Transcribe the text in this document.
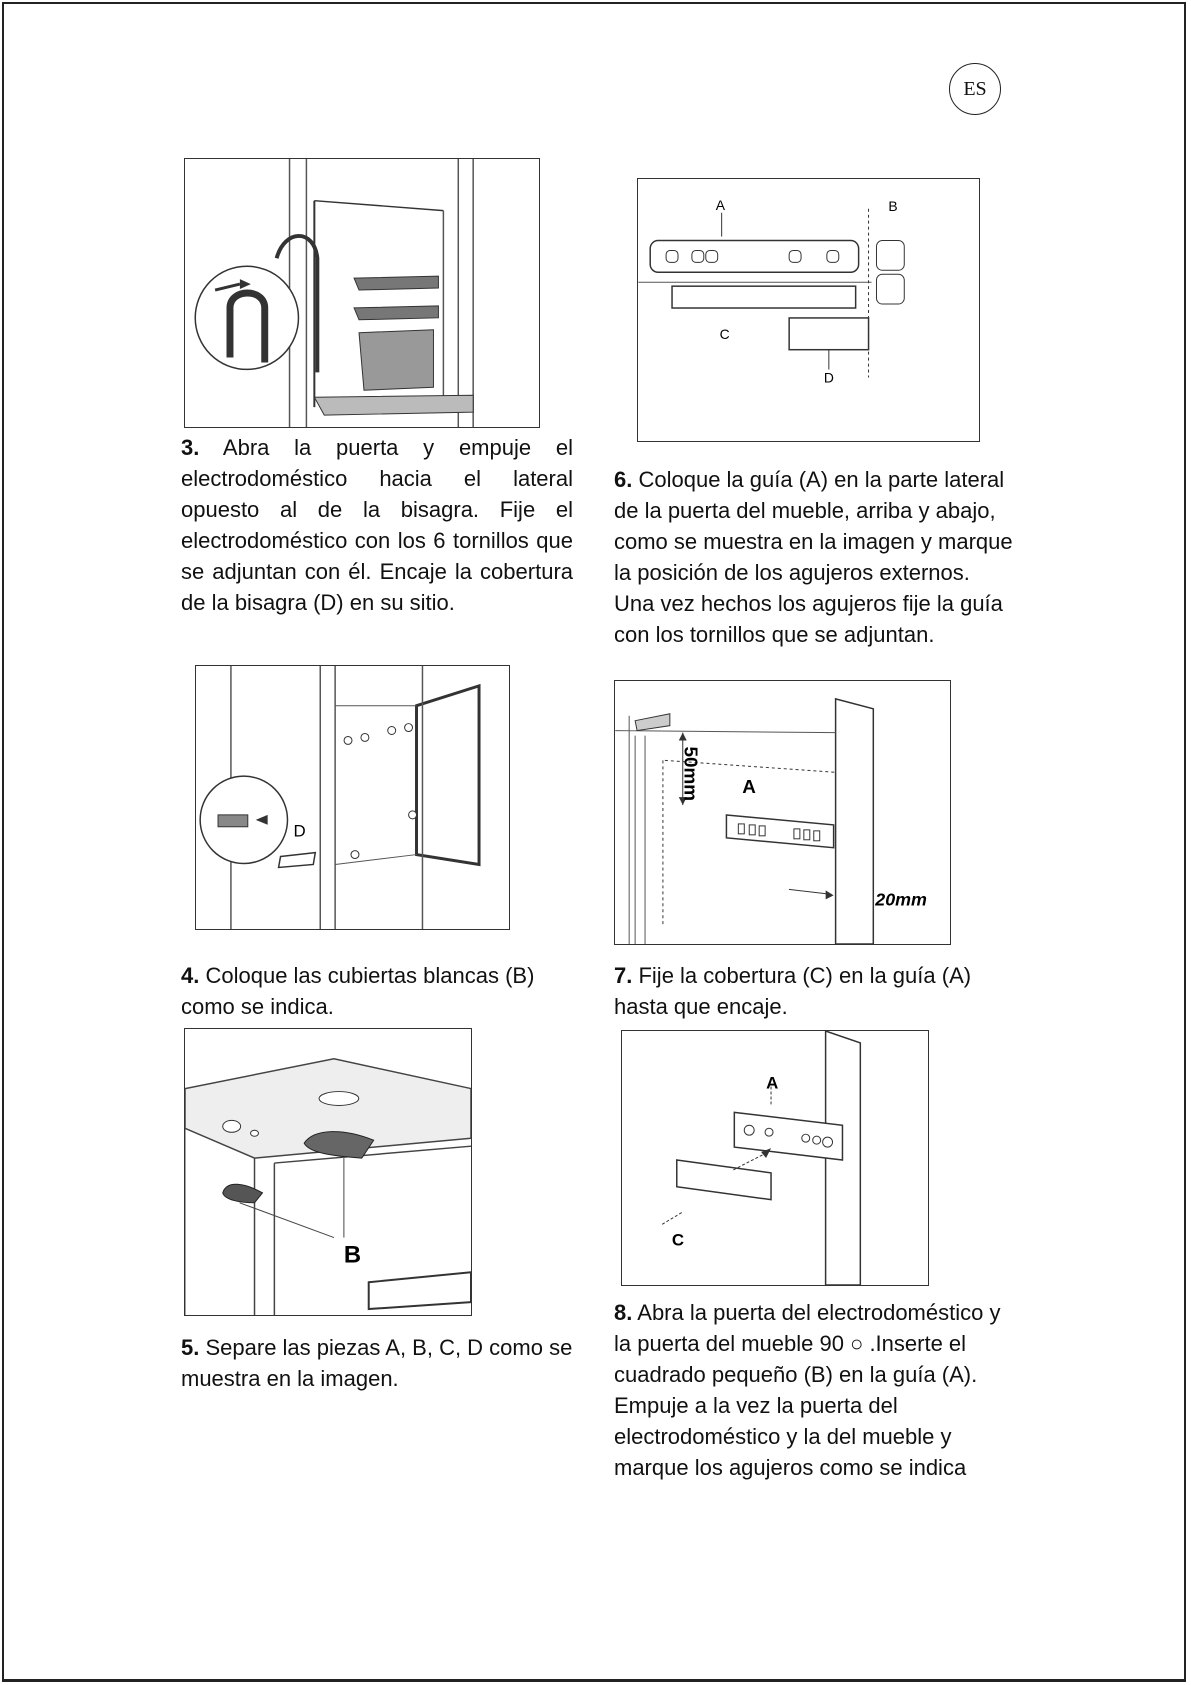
ES
3. Abra la puerta y empuje el electrodoméstico hacia el lateral opuesto al de la bisagra. Fije el electrodoméstico con los 6 tornillos que se adjuntan con él. Encaje la cobertura de la bisagra (D) en su sitio.
D
4. Coloque las cubiertas blancas (B) como se indica.
B
5. Separe las piezas A, B, C, D como se muestra en la imagen.
A	B
C
D
6. Coloque la guía (A) en la parte lateral de la puerta del mueble, arriba y abajo, como se muestra en la imagen y marque la posición de los agujeros externos. Una vez hechos los agujeros fije la guía con los tornillos que se adjuntan.
50mm A
20mm
7. Fije la cobertura (C) en la guía (A) hasta que encaje.
A
C
8. Abra la puerta del electrodoméstico y la puerta del mueble 90 ○ .Inserte el cuadrado pequeño (B) en la guía (A). Empuje a la vez la puerta del electrodoméstico y la del mueble y marque los agujeros como se indica
